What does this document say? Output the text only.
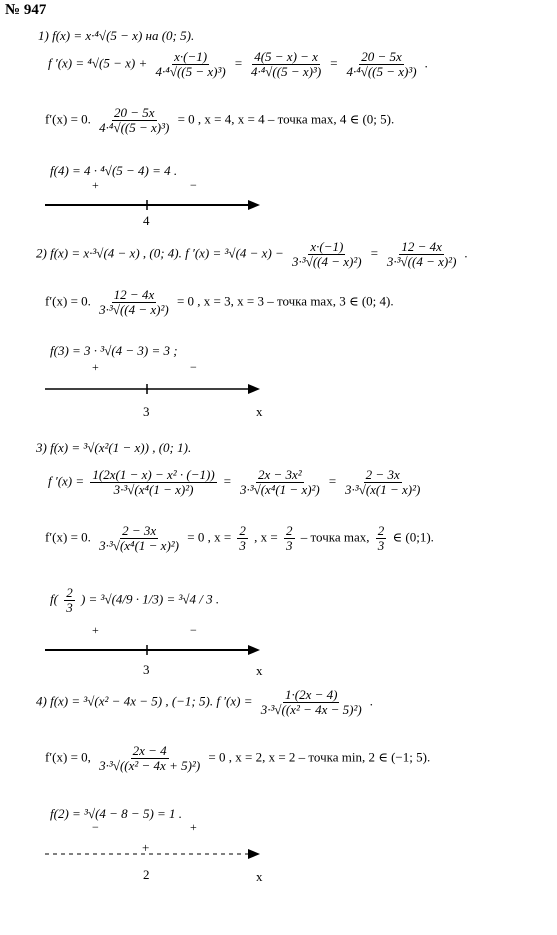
№ 947
1) f(x) = x·⁴√(5 − x) на (0; 5).
f $'(x) = ^4√(5 - x) + \frac{x\cdot(-1)}{\text{4·⁴√((5 − x)³)}} = \frac{4(5 - x) - x}{\text{4·⁴√((5 − x)³)}} = \frac{20 - 5x}{\text{4·⁴√((5 − x)³)}}$ .
f′(x) = 0. $\frac{20 - 5x}{\text{4·⁴√((5 − x)³)}} = 0$ , x = 4, x = 4 – точка max, 4 ∈ (0; 5).
f(4) = 4 · ⁴√(5 − 4) = 4 .
+	−
4
2) f(x) = x·³√(4 − x) , (0; 4). f $'(x) = ^3√(4 - x) - \frac{x\cdot(-1)}{\text{3·³√((4 − x)²)}} = \frac{12 - 4x}{\text{3·³√((4 − x)²)}}$ .
f′(x) = 0. $\frac{12 - 4x}{\text{3·³√((4 − x)²)}} = 0$ , x = 3, x = 3 – точка max, 3 ∈ (0; 4).
f(3) = 3 · ³√(4 − 3) = 3 ;
+	−
3	x
3) f(x) = ³√(x²(1 − x)) , (0; 1).
f $'(x) = \frac{\text{1(2x(1 − x) − x² · (−1))}}{\text{3·³√(x⁴(1 − x)²)}} = \frac{\text{2x − 3x²}}{\text{3·³√(x⁴(1 − x)²)}} = \frac{2 - 3x}{\text{3·³√(x(1 − x)²)}}$
f′(x) = 0. $\frac{2 - 3x}{\text{3·³√(x⁴(1 − x)²)}} = 0$ , $x = \frac{2}{3}$ , $x = \frac{2}{3}$ – точка max, $\frac{2}{3}$ ∈ (0;1).
$f( \frac{2}{3}$ ) = ³√(4/9 · 1/3) = ³√4 / 3 .
+	−
3	x
4) f(x) = ³√(x² − 4x − 5) , (−1; 5). f $'(x) = \frac{1\cdot(2x - 4)}{\text{3·³√((x² − 4x − 5)²)}}$ .
f′(x) = 0, $\frac{2x - 4}{\text{3·³√((x² − 4x + 5)²)}} = 0$ , x = 2, x = 2 – точка min, 2 ∈ (−1; 5).
f(2) = ³√(4 − 8 − 5) = 1 .
−	+
+
2	x
